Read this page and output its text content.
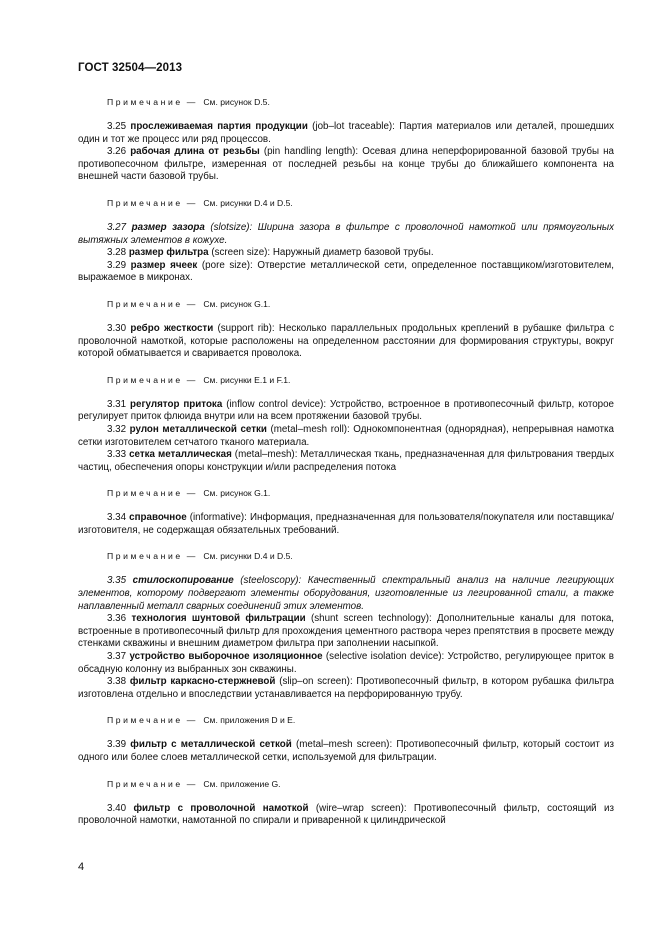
ГОСТ 32504—2013
Примечание — См. рисунок D.5.
3.25 прослеживаемая партия продукции (job–lot traceable): Партия материалов или деталей, прошедших один и тот же процесс или ряд процессов.
3.26 рабочая длина от резьбы (pin handling length): Осевая длина неперфорированной базовой трубы на противопесочном фильтре, измеренная от последней резьбы на конце трубы до ближайшего компонента на внешней части базовой трубы.
Примечание — См. рисунки D.4 и D.5.
3.27 размер зазора (slotsize): Ширина зазора в фильтре с проволочной намоткой или прямоугольных вытяжных элементов в кожухе.
3.28 размер фильтра (screen size): Наружный диаметр базовой трубы.
3.29 размер ячеек (pore size): Отверстие металлической сети, определенное поставщиком/изготовителем, выражаемое в микронах.
Примечание — См. рисунок G.1.
3.30 ребро жесткости (support rib): Несколько параллельных продольных креплений в рубашке фильтра с проволочной намоткой, которые расположены на определенном расстоянии для формирования структуры, вокруг которой обматывается и сваривается проволока.
Примечание — См. рисунки E.1 и F.1.
3.31 регулятор притока (inflow control device): Устройство, встроенное в противопесочный фильтр, которое регулирует приток флюида внутри или на всем протяжении базовой трубы.
3.32 рулон металлической сетки (metal–mesh roll): Однокомпонентная (однорядная), непрерывная намотка сетки изготовителем сетчатого тканого материала.
3.33 сетка металлическая (metal–mesh): Металлическая ткань, предназначенная для фильтрования твердых частиц, обеспечения опоры конструкции и/или распределения потока
Примечание — См. рисунок G.1.
3.34 справочное (informative): Информация, предназначенная для пользователя/покупателя или поставщика/изготовителя, не содержащая обязательных требований.
Примечание — См. рисунки D.4 и D.5.
3.35 стилоскопирование (steeloscopy): Качественный спектральный анализ на наличие легирующих элементов, которому подвергают элементы оборудования, изготовленные из легированной стали, а также наплавленный металл сварных соединений этих элементов.
3.36 технология шунтовой фильтрации (shunt screen technology): Дополнительные каналы для потока, встроенные в противопесочный фильтр для прохождения цементного раствора через препятствия в просвете между стенками скважины и внешним диаметром фильтра при заполнении насыпкой.
3.37 устройство выборочное изоляционное (selective isolation device): Устройство, регулирующее приток в обсадную колонну из выбранных зон скважины.
3.38 фильтр каркасно-стержневой (slip–on screen): Противопесочный фильтр, в котором рубашка фильтра изготовлена отдельно и впоследствии устанавливается на перфорированную трубу.
Примечание — См. приложения D и E.
3.39 фильтр с металлической сеткой (metal–mesh screen): Противопесочный фильтр, который состоит из одного или более слоев металлической сетки, используемой для фильтрации.
Примечание — См. приложение G.
3.40 фильтр с проволочной намоткой (wire–wrap screen): Противопесочный фильтр, состоящий из проволочной намотки, намотанной по спирали и приваренной к цилиндрической
4
